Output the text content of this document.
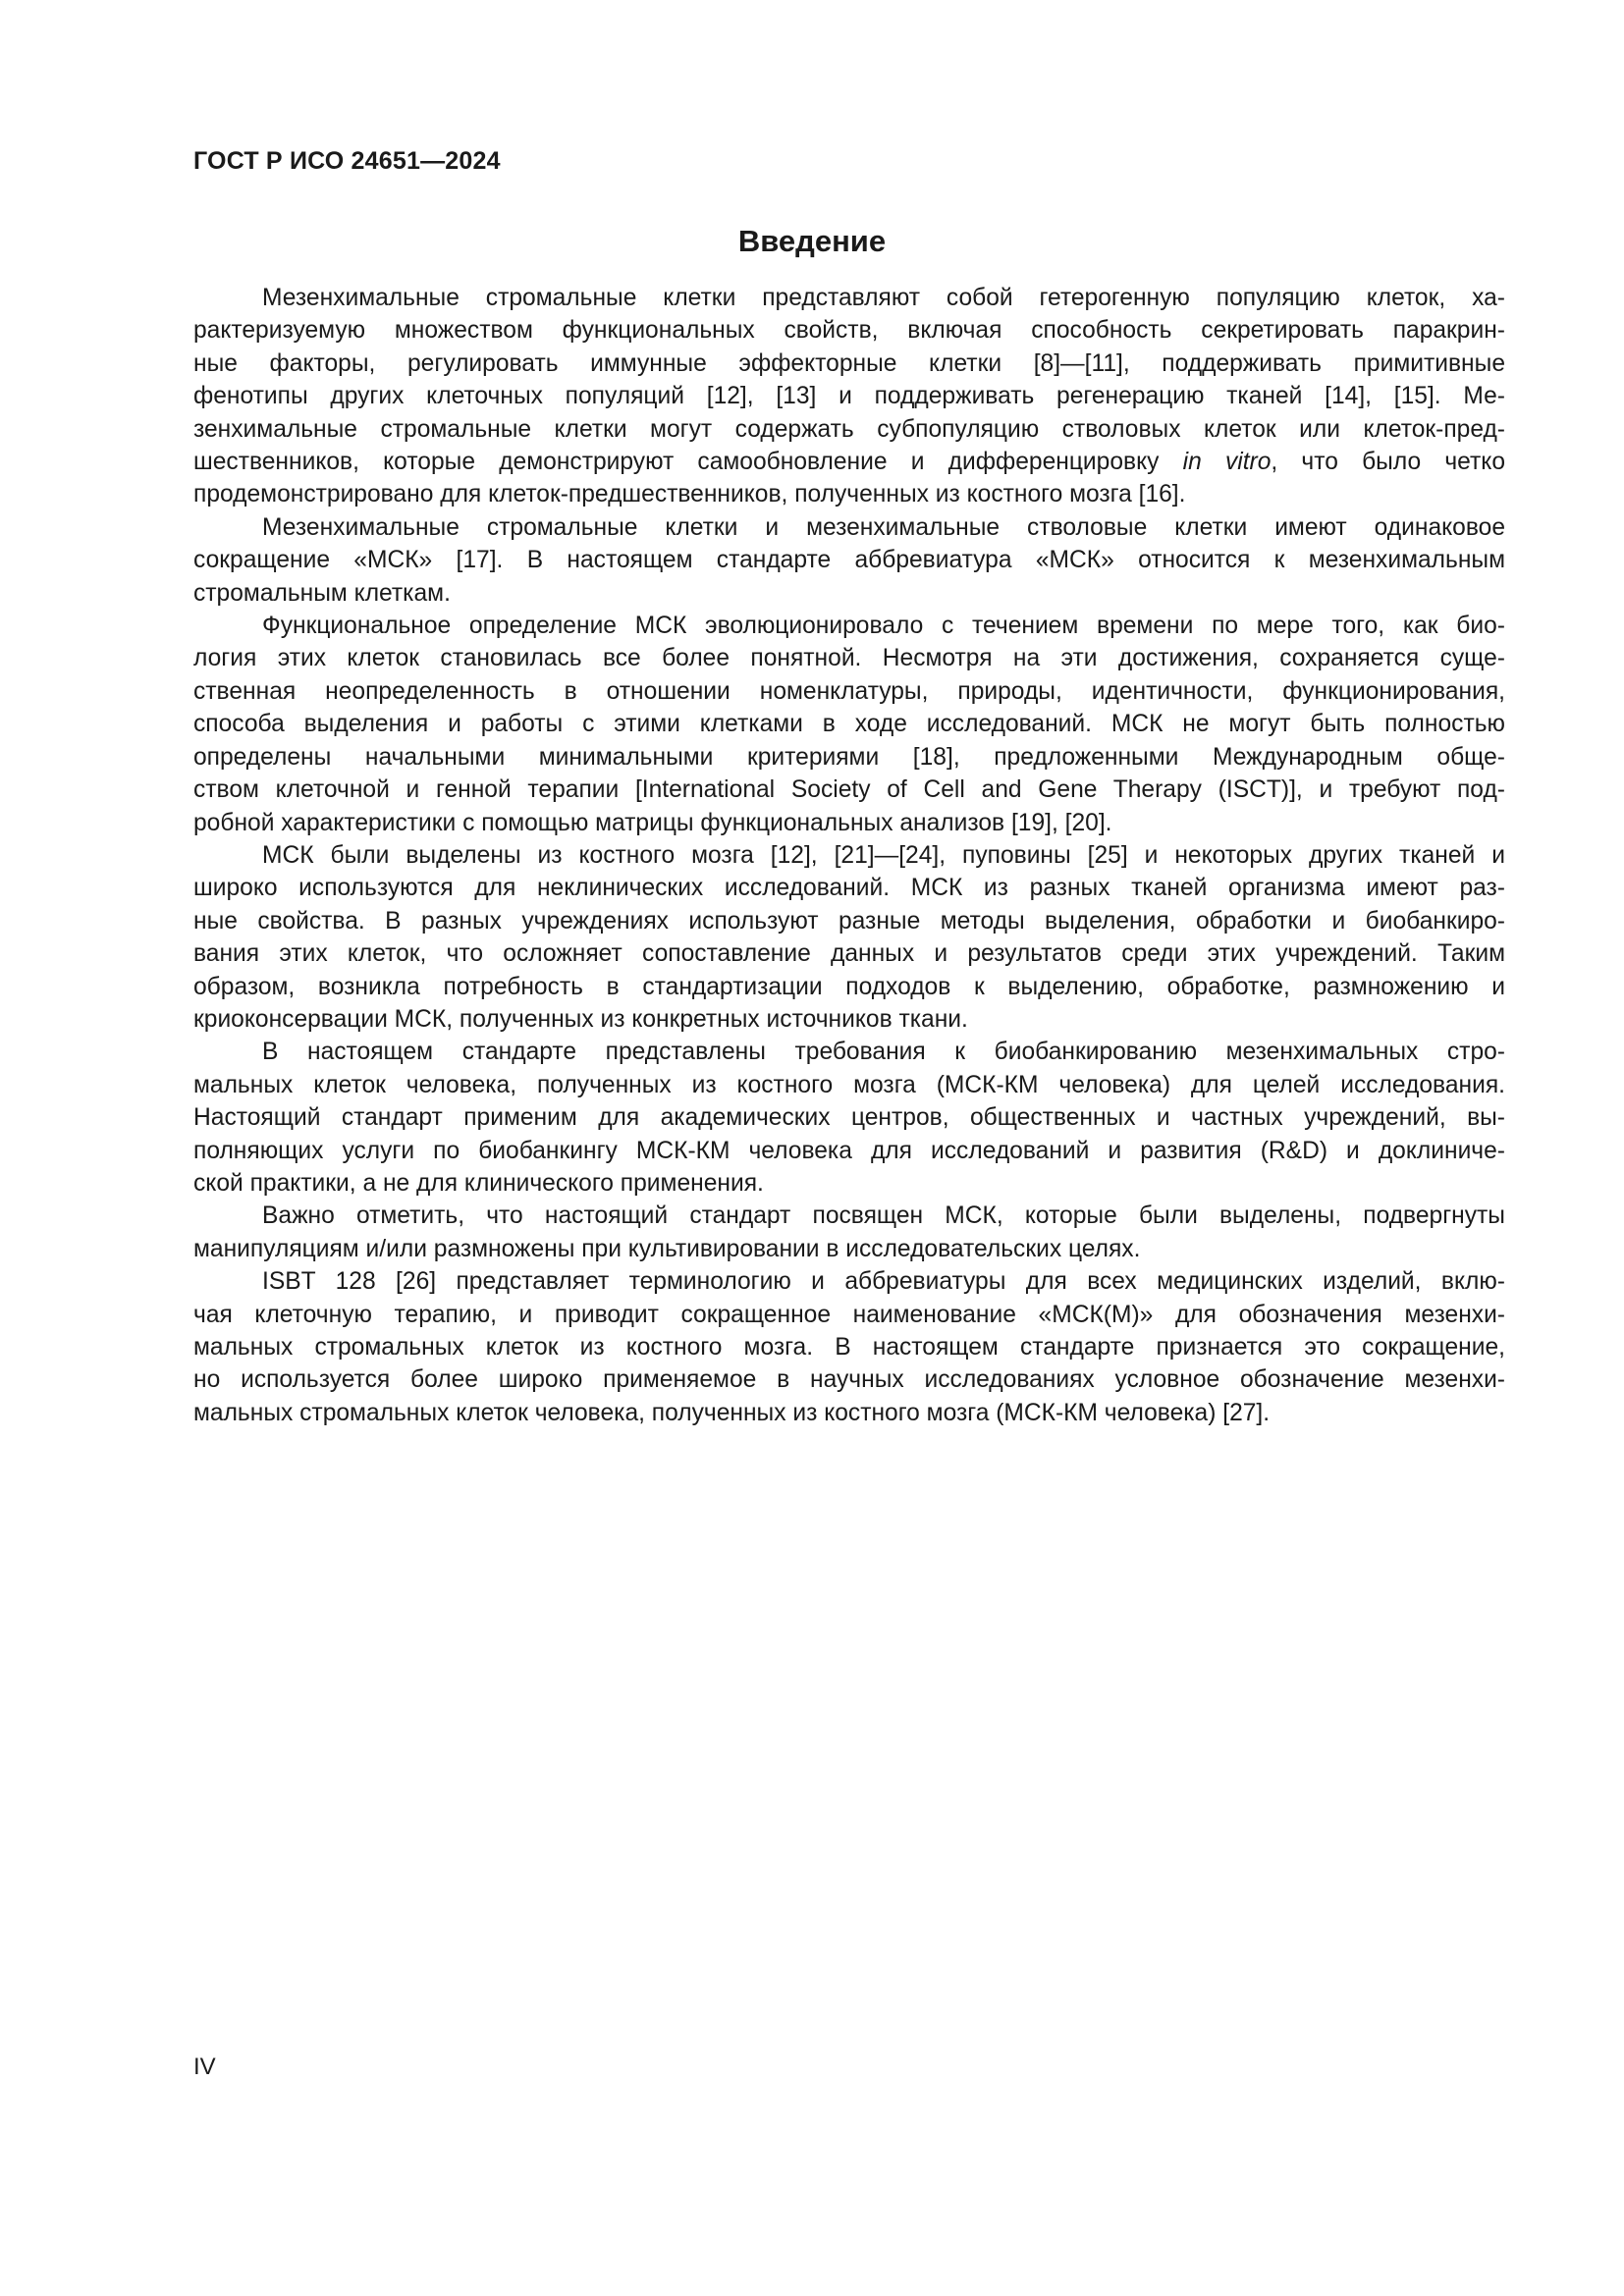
ГОСТ Р ИСО 24651—2024
Введение
Мезенхимальные стромальные клетки представляют собой гетерогенную популяцию клеток, ха-
рактеризуемую множеством функциональных свойств, включая способность секретировать паракрин-
ные факторы, регулировать иммунные эффекторные клетки [8]—[11], поддерживать примитивные
фенотипы других клеточных популяций [12], [13] и поддерживать регенерацию тканей [14], [15]. Ме-
зенхимальные стромальные клетки могут содержать субпопуляцию стволовых клеток или клеток-пред-
шественников, которые демонстрируют самообновление и дифференцировку in vitro, что было четко
продемонстрировано для клеток-предшественников, полученных из костного мозга [16].
Мезенхимальные стромальные клетки и мезенхимальные стволовые клетки имеют одинаковое
сокращение «МСК» [17]. В настоящем стандарте аббревиатура «МСК» относится к мезенхимальным
стромальным клеткам.
Функциональное определение МСК эволюционировало с течением времени по мере того, как био-
логия этих клеток становилась все более понятной. Несмотря на эти достижения, сохраняется суще-
ственная неопределенность в отношении номенклатуры, природы, идентичности, функционирования,
способа выделения и работы с этими клетками в ходе исследований. МСК не могут быть полностью
определены начальными минимальными критериями [18], предложенными Международным обще-
ством клеточной и генной терапии [International Society of Cell and Gene Therapy (ISCT)], и требуют под-
робной характеристики с помощью матрицы функциональных анализов [19], [20].
МСК были выделены из костного мозга [12], [21]—[24], пуповины [25] и некоторых других тканей и
широко используются для неклинических исследований. МСК из разных тканей организма имеют раз-
ные свойства. В разных учреждениях используют разные методы выделения, обработки и биобанкиро-
вания этих клеток, что осложняет сопоставление данных и результатов среди этих учреждений. Таким
образом, возникла потребность в стандартизации подходов к выделению, обработке, размножению и
криоконсервации МСК, полученных из конкретных источников ткани.
В настоящем стандарте представлены требования к биобанкированию мезенхимальных стро-
мальных клеток человека, полученных из костного мозга (МСК-КМ человека) для целей исследования.
Настоящий стандарт применим для академических центров, общественных и частных учреждений, вы-
полняющих услуги по биобанкингу МСК-КМ человека для исследований и развития (R&D) и доклиниче-
ской практики, а не для клинического применения.
Важно отметить, что настоящий стандарт посвящен МСК, которые были выделены, подвергнуты
манипуляциям и/или размножены при культивировании в исследовательских целях.
ISBT 128 [26] представляет терминологию и аббревиатуры для всех медицинских изделий, вклю-
чая клеточную терапию, и приводит сокращенное наименование «МСК(М)» для обозначения мезенхи-
мальных стромальных клеток из костного мозга. В настоящем стандарте признается это сокращение,
но используется более широко применяемое в научных исследованиях условное обозначение мезенхи-
мальных стромальных клеток человека, полученных из костного мозга (МСК-КМ человека) [27].
IV
